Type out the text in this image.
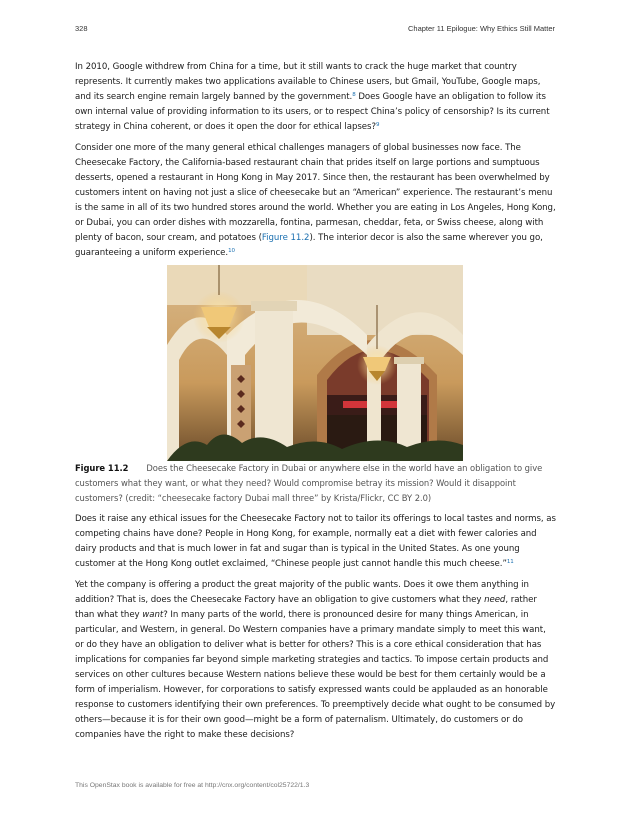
328	Chapter 11 Epilogue: Why Ethics Still Matter

In 2010, Google withdrew from China for a time, but it still wants to crack the huge market that country represents. It currently makes two applications available to Chinese users, but Gmail, YouTube, Google maps, and its search engine remain largely banned by the government.$^8$ Does Google have an obligation to follow its own internal value of providing information to its users, or to respect China’s policy of censorship? Is its current strategy in China coherent, or does it open the door for ethical lapses?$^9$

Consider one more of the many general ethical challenges managers of global businesses now face. The Cheesecake Factory, the California-based restaurant chain that prides itself on large portions and sumptuous desserts, opened a restaurant in Hong Kong in May 2017. Since then, the restaurant has been overwhelmed by customers intent on having not just a slice of cheesecake but an “American” experience. The restaurant’s menu is the same in all of its two hundred stores around the world. Whether you are eating in Los Angeles, Hong Kong, or Dubai, you can order dishes with mozzarella, fontina, parmesan, cheddar, feta, or Swiss cheese, along with plenty of bacon, sour cream, and potatoes (Figure 11.2). The interior decor is also the same wherever you go, guaranteeing a uniform experience.$^{10}$

Figure 11.2 Does the Cheesecake Factory in Dubai or anywhere else in the world have an obligation to give customers what they want, or what they need? Would compromise betray its mission? Would it disappoint customers? (credit: “cheesecake factory Dubai mall three” by Krista/Flickr, CC BY 2.0)

Does it raise any ethical issues for the Cheesecake Factory not to tailor its offerings to local tastes and norms, as competing chains have done? People in Hong Kong, for example, normally eat a diet with fewer calories and dairy products and that is much lower in fat and sugar than is typical in the United States. As one young customer at the Hong Kong outlet exclaimed, “Chinese people just cannot handle this much cheese.”$^{11}$

Yet the company is offering a product the great majority of the public wants. Does it owe them anything in addition? That is, does the Cheesecake Factory have an obligation to give customers what they need, rather than what they want? In many parts of the world, there is pronounced desire for many things American, in particular, and Western, in general. Do Western companies have a primary mandate simply to meet this want, or do they have an obligation to deliver what is better for others? This is a core ethical consideration that has implications for companies far beyond simple marketing strategies and tactics. To impose certain products and services on other cultures because Western nations believe these would be best for them certainly would be a form of imperialism. However, for corporations to satisfy expressed wants could be applauded as an honorable response to customers identifying their own preferences. To preemptively decide what ought to be consumed by others—because it is for their own good—might be a form of paternalism. Ultimately, do customers or do companies have the right to make these decisions?

This OpenStax book is available for free at http://cnx.org/content/col25722/1.3
